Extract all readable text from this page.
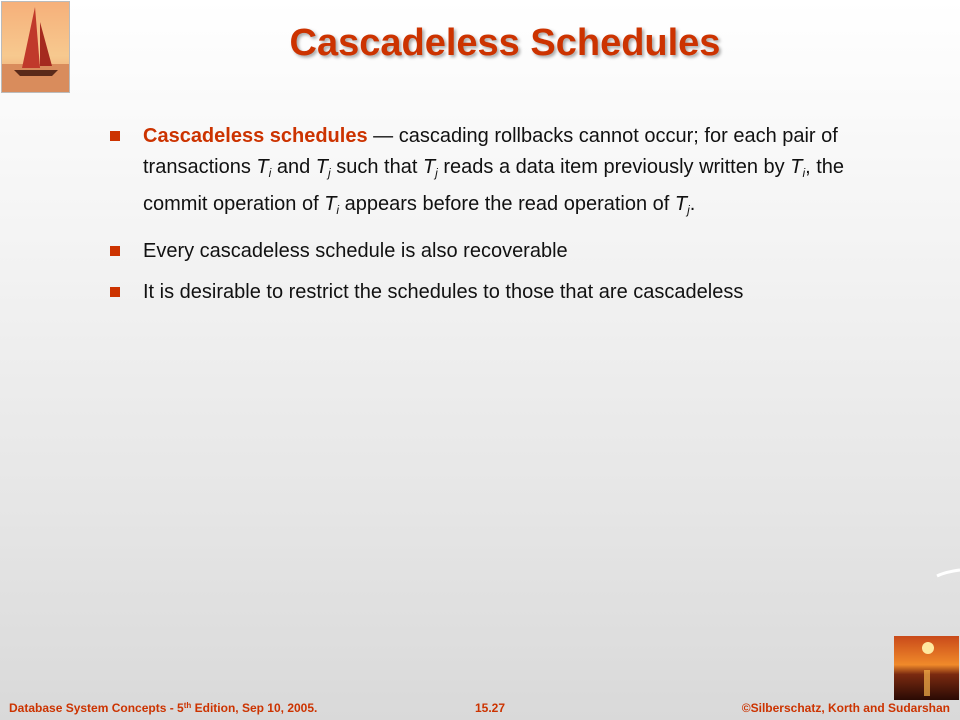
Cascadeless Schedules
Cascadeless schedules — cascading rollbacks cannot occur; for each pair of transactions $T_i$ and $T_j$ such that $T_j$ reads a data item previously written by $T_i$, the commit operation of $T_i$ appears before the read operation of $T_j$.
Every cascadeless schedule is also recoverable
It is desirable to restrict the schedules to those that are cascadeless
Database System Concepts - 5th Edition, Sep 10, 2005.	15.27	©Silberschatz, Korth and Sudarshan
